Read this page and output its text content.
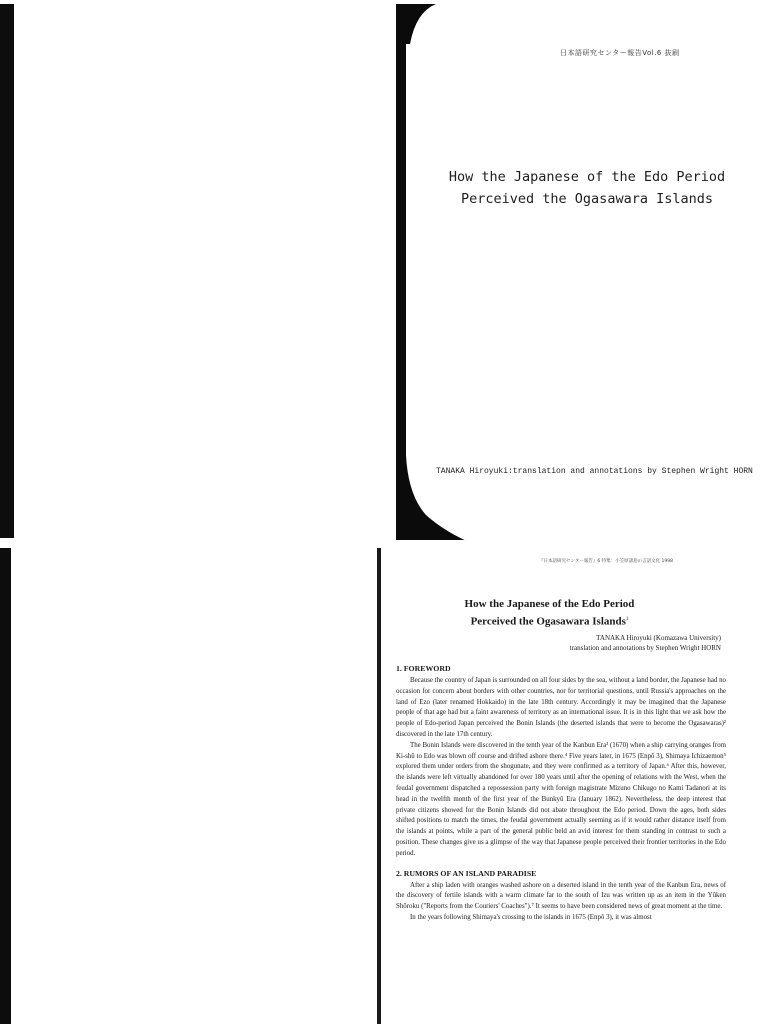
日本語研究センター報告Vol.6 抜刷
How the Japanese of the Edo Period
Perceived the Ogasawara Islands
TANAKA Hiroyuki:translation and annotations by Stephen Wright HORN
『日本語研究センター報告』6 特集：小笠原諸島の言語文化 1998
How the Japanese of the Edo Period
Perceived the Ogasawara Islands$^1$
TANAKA Hiroyuki (Komazawa University)
translation and annotations by Stephen Wright HORN
1. FOREWORD

Because the country of Japan is surrounded on all four sides by the sea, without a land border, the Japanese had no occasion for concern about borders with other countries, nor for territorial questions, until Russia's approaches on the land of Ezo (later renamed Hokkaido) in the late 18th century. Accordingly it may be imagined that the Japanese people of that age had but a faint awareness of territory as an international issue. It is in this light that we ask how the people of Edo-period Japan perceived the Bonin Islands (the deserted islands that were to become the Ogasawaras)² discovered in the late 17th century.

The Bonin Islands were discovered in the tenth year of the Kanbun Era³ (1670) when a ship carrying oranges from Ki-shû to Edo was blown off course and drifted ashore there.⁴ Five years later, in 1675 (Enpô 3), Shimaya Ichizaemon⁵ explored them under orders from the shogunate, and they were confirmed as a territory of Japan.⁶ After this, however, the islands were left virtually abandoned for over 180 years until after the opening of relations with the West, when the feudal government dispatched a repossession party with foreign magistrate Mizuno Chikugo no Kami Tadanori at its head in the twelfth month of the first year of the Bunkyû Era (January 1862). Nevertheless, the deep interest that private citizens showed for the Bonin Islands did not abate throughout the Edo period. Down the ages, both sides shifted positions to match the times, the feudal government actually seeming as if it would rather distance itself from the islands at points, while a part of the general public held an avid interest for them standing in contrast to such a position. These changes give us a glimpse of the way that Japanese people perceived their frontier territories in the Edo period.

2. RUMORS OF AN ISLAND PARADISE

After a ship laden with oranges washed ashore on a deserted island in the tenth year of the Kanbun Era, news of the discovery of fertile islands with a warm climate far to the south of Izu was written up as an item in the Yûken Shôroku ("Reports from the Couriers' Coaches").⁷ It seems to have been considered news of great moment at the time.

In the years following Shimaya's crossing to the islands in 1675 (Enpô 3), it was almost
